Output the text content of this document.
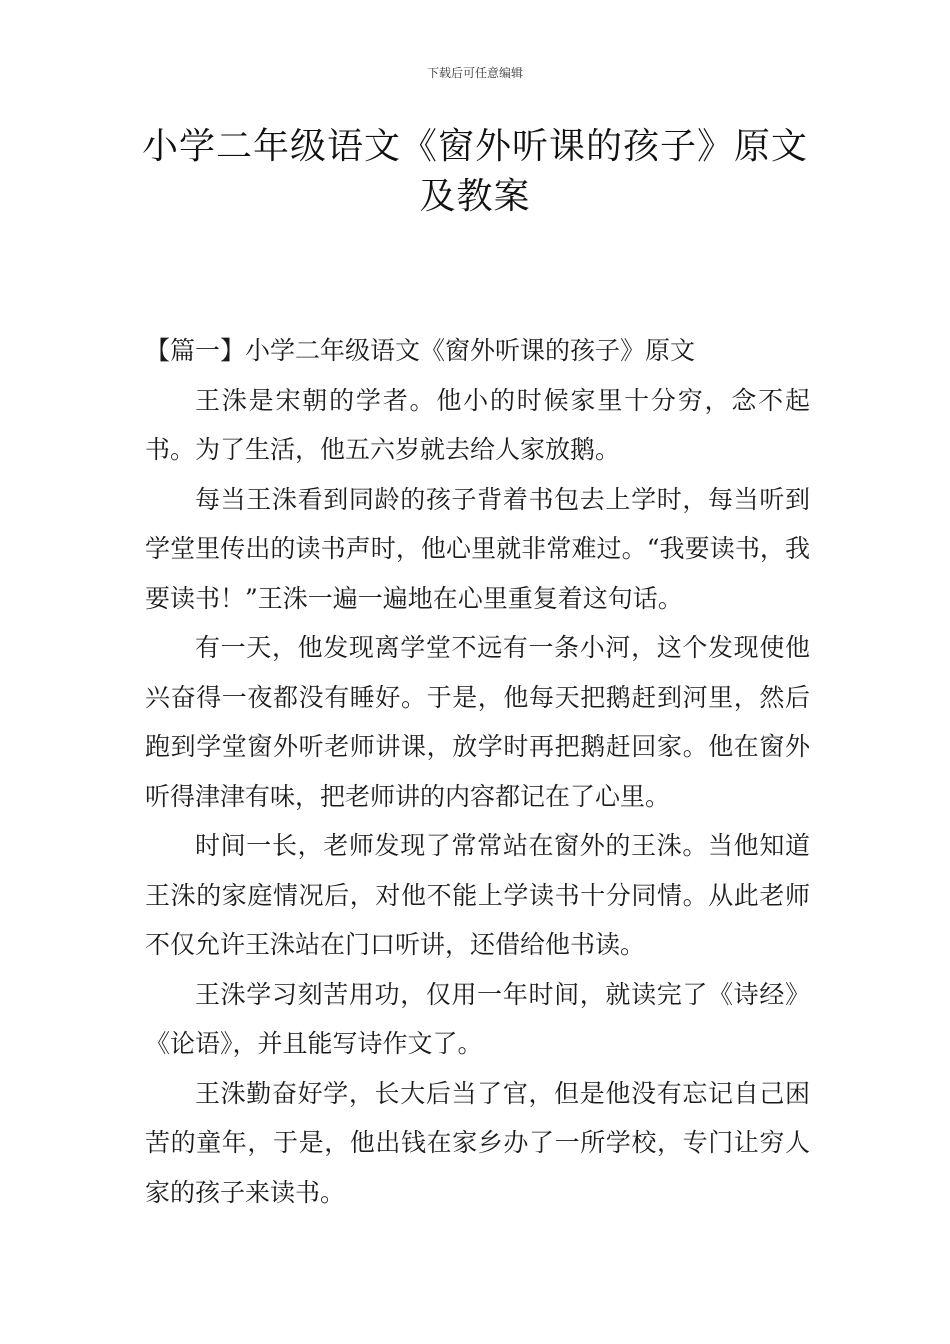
下载后可任意编辑
小学二年级语文《窗外听课的孩子》原文及教案

【篇一】小学二年级语文《窗外听课的孩子》原文

王洙是宋朝的学者。他小的时候家里十分穷，念不起书。为了生活，他五六岁就去给人家放鹅。

每当王洙看到同龄的孩子背着书包去上学时，每当听到学堂里传出的读书声时，他心里就非常难过。“我要读书，我要读书！”王洙一遍一遍地在心里重复着这句话。

有一天，他发现离学堂不远有一条小河，这个发现使他兴奋得一夜都没有睡好。于是，他每天把鹅赶到河里，然后跑到学堂窗外听老师讲课，放学时再把鹅赶回家。他在窗外听得津津有味，把老师讲的内容都记在了心里。

时间一长，老师发现了常常站在窗外的王洙。当他知道王洙的家庭情况后，对他不能上学读书十分同情。从此老师不仅允许王洙站在门口听讲，还借给他书读。

王洙学习刻苦用功，仅用一年时间，就读完了《诗经》《论语》，并且能写诗作文了。

王洙勤奋好学，长大后当了官，但是他没有忘记自己困苦的童年，于是，他出钱在家乡办了一所学校，专门让穷人家的孩子来读书。
